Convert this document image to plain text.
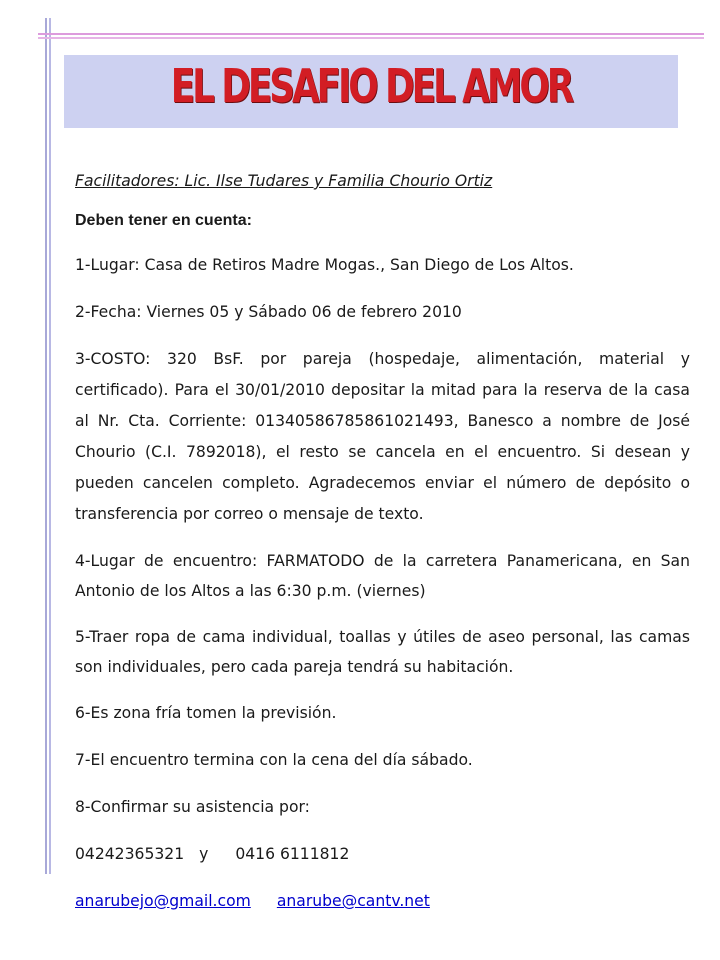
EL DESAFIO DEL AMOR

Facilitadores: Lic. Ilse Tudares y Familia Chourio Ortiz

Deben tener en cuenta:

1-Lugar: Casa de Retiros Madre Mogas., San Diego de Los Altos.

2-Fecha: Viernes 05 y Sábado 06 de febrero 2010

3-COSTO: 320 BsF. por pareja (hospedaje, alimentación, material y certificado). Para el 30/01/2010 depositar la mitad para la reserva de la casa al Nr. Cta. Corriente: 01340586785861021493, Banesco a nombre de José Chourio (C.I. 7892018), el resto se cancela en el encuentro. Si desean y pueden cancelen completo. Agradecemos enviar el número de depósito o transferencia por correo o mensaje de texto.

4-Lugar de encuentro: FARMATODO de la carretera Panamericana, en San Antonio de los Altos a las 6:30 p.m. (viernes)

5-Traer ropa de cama individual, toallas y útiles de aseo personal, las camas son individuales, pero cada pareja tendrá su habitación.

6-Es zona fría tomen la previsión.

7-El encuentro termina con la cena del día sábado.

8-Confirmar su asistencia por:

04242365321 y 0416 6111812

anarubejo@gmail.com anarube@cantv.net
